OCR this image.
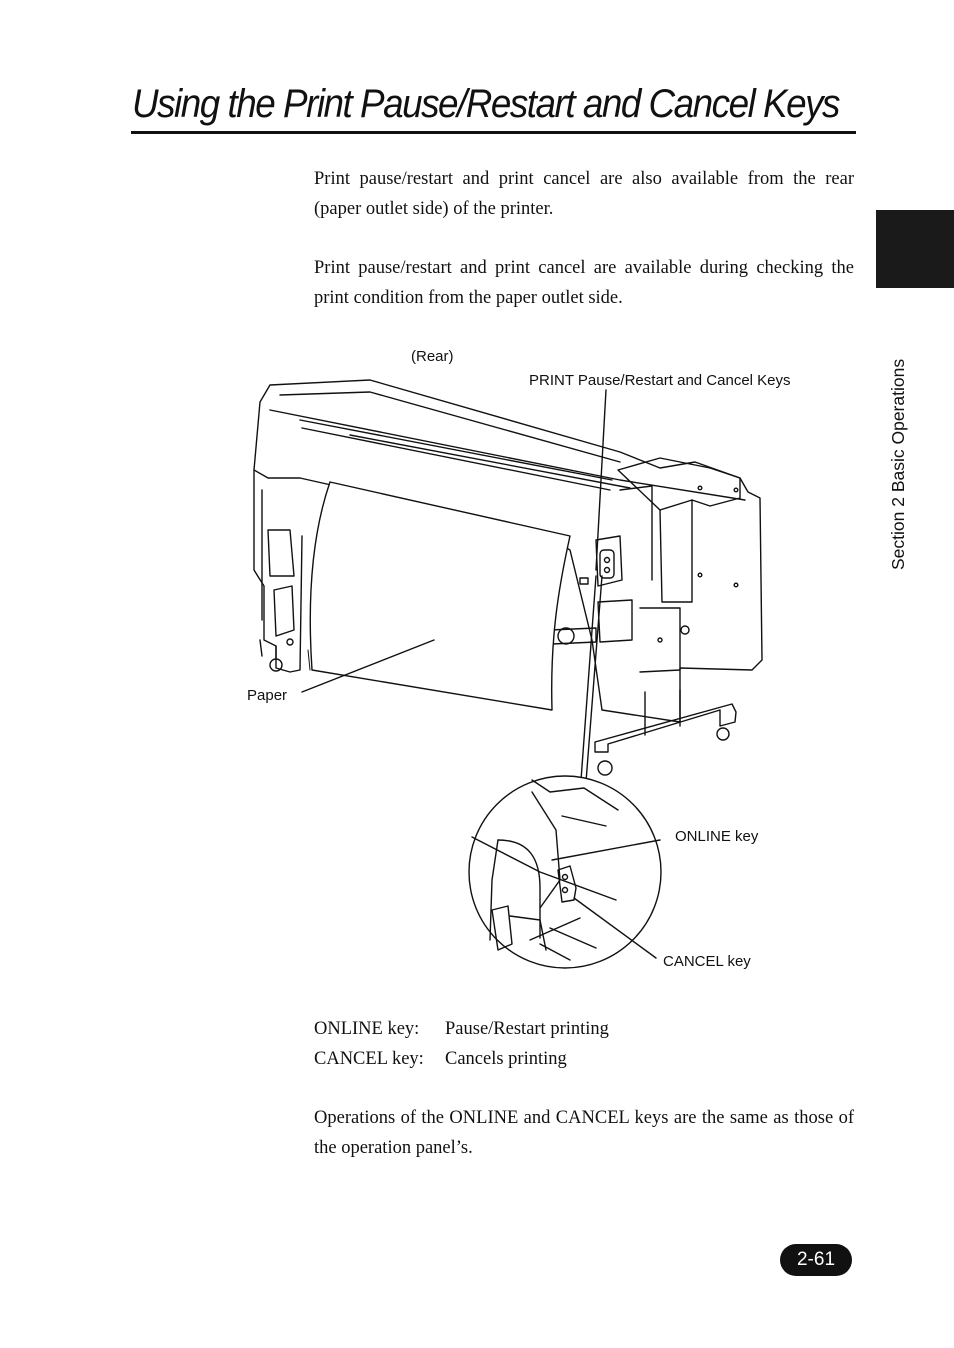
Using the Print Pause/Restart and Cancel Keys

Print pause/restart and print cancel are also available from the rear (paper outlet side) of the printer.

Print pause/restart and print cancel are available during checking the print condition from the paper outlet side.

Section 2 Basic Operations
(Rear)
PRINT Pause/Restart and Cancel Keys
Paper
ONLINE key
CANCEL key
ONLINE key: Pause/Restart printing
CANCEL key: Cancels printing

Operations of the ONLINE and CANCEL keys are the same as those of the operation panel’s.

2-61
